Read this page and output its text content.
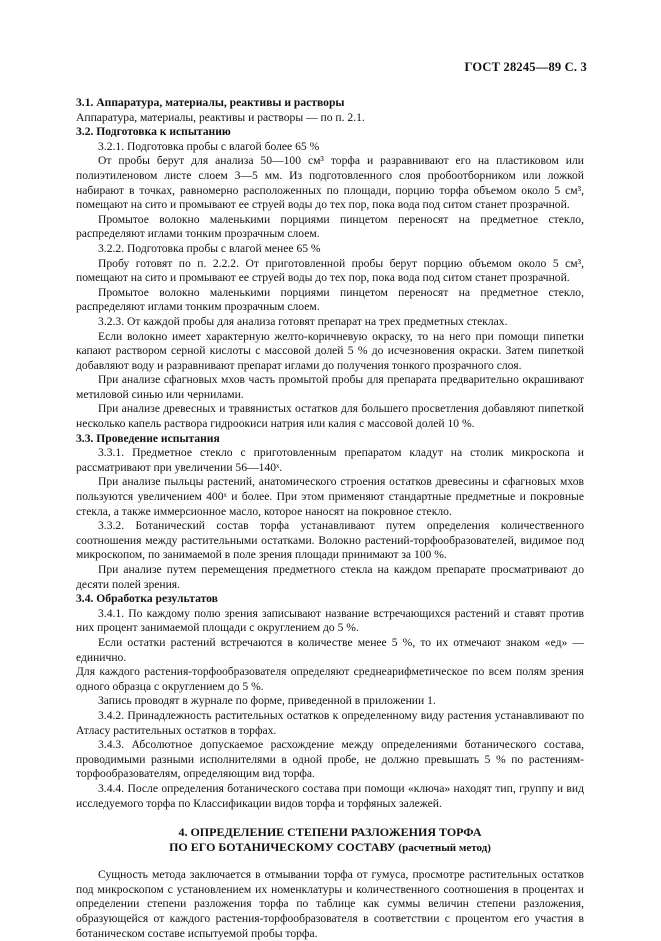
ГОСТ 28245—89 С. 3

3.1. Аппаратура, материалы, реактивы и растворы

Аппаратура, материалы, реактивы и растворы — по п. 2.1.

3.2. Подготовка к испытанию

3.2.1. Подготовка пробы с влагой более 65 %

От пробы берут для анализа 50—100 см³ торфа и разравнивают его на пластиковом или полиэтиленовом листе слоем 3—5 мм. Из подготовленного слоя пробоотборником или ложкой набирают в точках, равномерно расположенных по площади, порцию торфа объемом около 5 см³, помещают на сито и промывают ее струей воды до тех пор, пока вода под ситом станет прозрачной.

Промытое волокно маленькими порциями пинцетом переносят на предметное стекло, распределяют иглами тонким прозрачным слоем.

3.2.2. Подготовка пробы с влагой менее 65 %

Пробу готовят по п. 2.2.2. От приготовленной пробы берут порцию объемом около 5 см³, помещают на сито и промывают ее струей воды до тех пор, пока вода под ситом станет прозрачной.

Промытое волокно маленькими порциями пинцетом переносят на предметное стекло, распределяют иглами тонким прозрачным слоем.

3.2.3. От каждой пробы для анализа готовят препарат на трех предметных стеклах.

Если волокно имеет характерную желто-коричневую окраску, то на него при помощи пипетки капают раствором серной кислоты с массовой долей 5 % до исчезновения окраски. Затем пипеткой добавляют воду и разравнивают препарат иглами до получения тонкого прозрачного слоя.

При анализе сфагновых мхов часть промытой пробы для препарата предварительно окрашивают метиловой синью или чернилами.

При анализе древесных и травянистых остатков для большего просветления добавляют пипеткой несколько капель раствора гидроокиси натрия или калия с массовой долей 10 %.

3.3. Проведение испытания

3.3.1. Предметное стекло с приготовленным препаратом кладут на столик микроскопа и рассматривают при увеличении 56—140ˣ.

При анализе пыльцы растений, анатомического строения остатков древесины и сфагновых мхов пользуются увеличением 400ˣ и более. При этом применяют стандартные предметные и покровные стекла, а также иммерсионное масло, которое наносят на покровное стекло.

3.3.2. Ботанический состав торфа устанавливают путем определения количественного соотношения между растительными остатками. Волокно растений-торфообразователей, видимое под микроскопом, по занимаемой в поле зрения площади принимают за 100 %.

При анализе путем перемещения предметного стекла на каждом препарате просматривают до десяти полей зрения.

3.4. Обработка результатов

3.4.1. По каждому полю зрения записывают название встречающихся растений и ставят против них процент занимаемой площади с округлением до 5 %.

Если остатки растений встречаются в количестве менее 5 %, то их отмечают знаком «ед» — единично.

Для каждого растения-торфообразователя определяют среднеарифметическое по всем полям зрения одного образца с округлением до 5 %.

Запись проводят в журнале по форме, приведенной в приложении 1.

3.4.2. Принадлежность растительных остатков к определенному виду растения устанавливают по Атласу растительных остатков в торфах.

3.4.3. Абсолютное допускаемое расхождение между определениями ботанического состава, проводимыми разными исполнителями в одной пробе, не должно превышать 5 % по растениям-торфообразователям, определяющим вид торфа.

3.4.4. После определения ботанического состава при помощи «ключа» находят тип, группу и вид исследуемого торфа по Классификации видов торфа и торфяных залежей.

4. ОПРЕДЕЛЕНИЕ СТЕПЕНИ РАЗЛОЖЕНИЯ ТОРФА
ПО ЕГО БОТАНИЧЕСКОМУ СОСТАВУ (расчетный метод)

Сущность метода заключается в отмывании торфа от гумуса, просмотре растительных остатков под микроскопом с установлением их номенклатуры и количественного соотношения в процентах и определении степени разложения торфа по таблице как суммы величин степени разложения, образующейся от каждого растения-торфообразователя в соответствии с процентом его участия в ботаническом составе испытуемой пробы торфа.
